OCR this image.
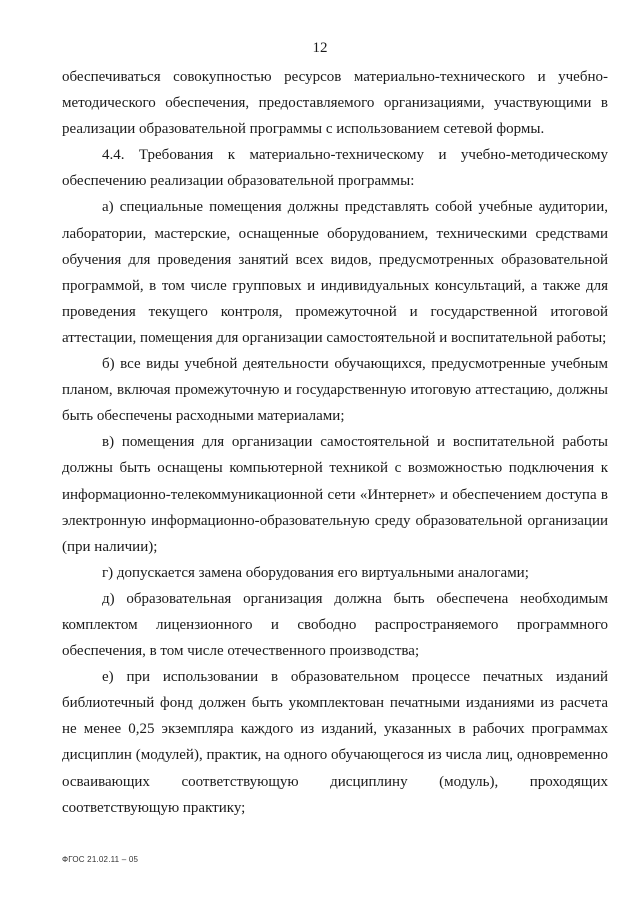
12

обеспечиваться совокупностью ресурсов материально-технического и учебно-методического обеспечения, предоставляемого организациями, участвующими в реализации образовательной программы с использованием сетевой формы.

4.4. Требования к материально-техническому и учебно-методическому обеспечению реализации образовательной программы:

а) специальные помещения должны представлять собой учебные аудитории, лаборатории, мастерские, оснащенные оборудованием, техническими средствами обучения для проведения занятий всех видов, предусмотренных образовательной программой, в том числе групповых и индивидуальных консультаций, а также для проведения текущего контроля, промежуточной и государственной итоговой аттестации, помещения для организации самостоятельной и воспитательной работы;

б) все виды учебной деятельности обучающихся, предусмотренные учебным планом, включая промежуточную и государственную итоговую аттестацию, должны быть обеспечены расходными материалами;

в) помещения для организации самостоятельной и воспитательной работы должны быть оснащены компьютерной техникой с возможностью подключения к информационно-телекоммуникационной сети «Интернет» и обеспечением доступа в электронную информационно-образовательную среду образовательной организации (при наличии);

г) допускается замена оборудования его виртуальными аналогами;

д) образовательная организация должна быть обеспечена необходимым комплектом лицензионного и свободно распространяемого программного обеспечения, в том числе отечественного производства;

е) при использовании в образовательном процессе печатных изданий библиотечный фонд должен быть укомплектован печатными изданиями из расчета не менее 0,25 экземпляра каждого из изданий, указанных в рабочих программах дисциплин (модулей), практик, на одного обучающегося из числа лиц, одновременно осваивающих соответствующую дисциплину (модуль), проходящих соответствующую практику;

ФГОС 21.02.11 – 05
